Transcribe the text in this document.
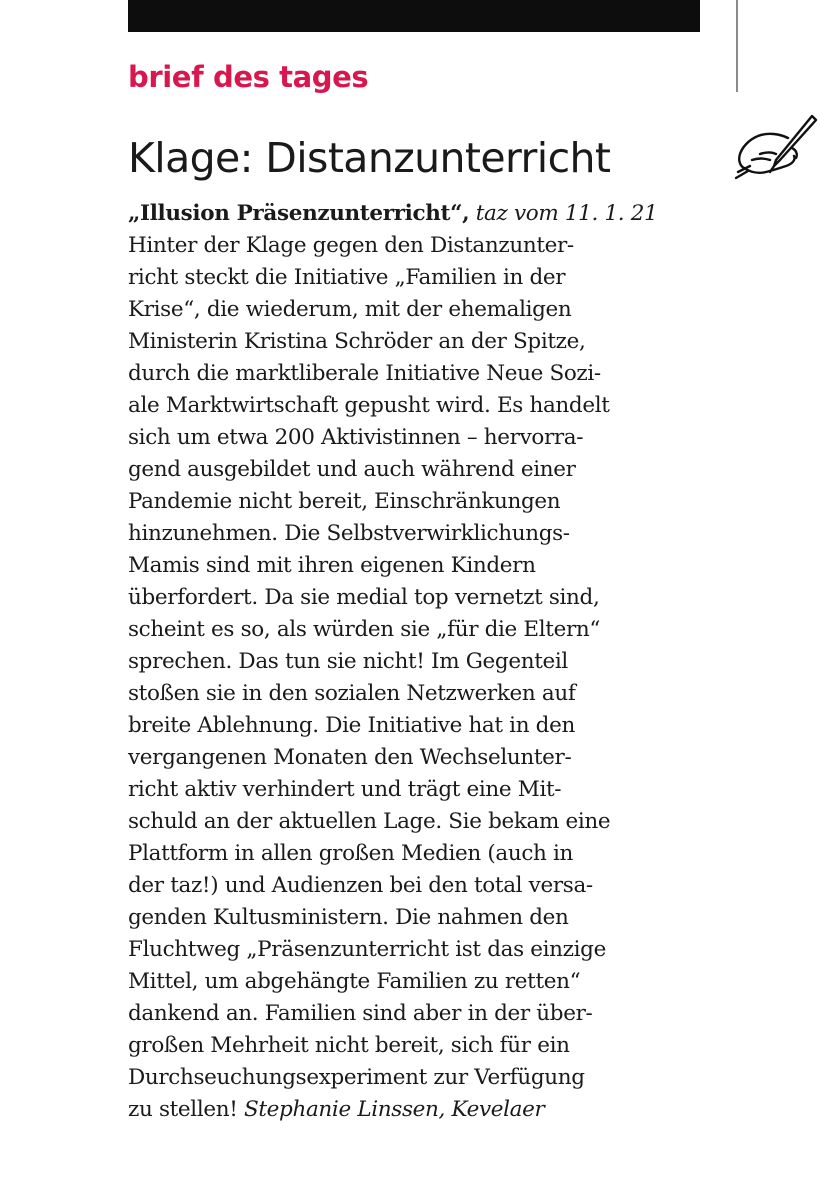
brief des tages
Klage: Distanzunterricht
„Illusion Präsenzunterricht“, taz vom 11. 1. 21
Hinter der Klage gegen den Distanzunter-
richt steckt die Initiative „Familien in der
Krise“, die wiederum, mit der ehemaligen
Ministerin Kristina Schröder an der Spitze,
durch die marktliberale Initiative Neue Sozi-
ale Marktwirtschaft gepusht wird. Es handelt
sich um etwa 200 Aktivistinnen – hervorra-
gend ausgebildet und auch während einer
Pandemie nicht bereit, Einschränkungen
hinzunehmen. Die Selbstverwirklichungs-
Mamis sind mit ihren eigenen Kindern
überfordert. Da sie medial top vernetzt sind,
scheint es so, als würden sie „für die Eltern“
sprechen. Das tun sie nicht! Im Gegenteil
stoßen sie in den sozialen Netzwerken auf
breite Ablehnung. Die Initiative hat in den
vergangenen Monaten den Wechselunter-
richt aktiv verhindert und trägt eine Mit-
schuld an der aktuellen Lage. Sie bekam eine
Plattform in allen großen Medien (auch in
der taz!) und Audienzen bei den total versa-
genden Kultusministern. Die nahmen den
Fluchtweg „Präsenzunterricht ist das einzige
Mittel, um abgehängte Familien zu retten“
dankend an. Familien sind aber in der über-
großen Mehrheit nicht bereit, sich für ein
Durchseuchungsexperiment zur Verfügung
zu stellen! Stephanie Linssen, Kevelaer
